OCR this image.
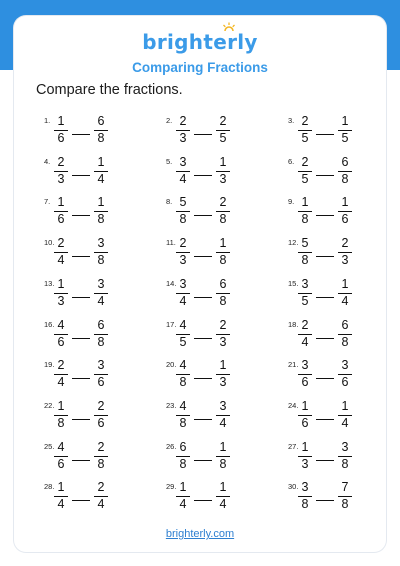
brighterly
Comparing Fractions
Compare the fractions.
1. 1
6
6
8
2. 2
3
2
5
3. 2
5
1
5
4. 2
3
1
4
5. 3
4
1
3
6. 2
5
6
8
7. 1
6
1
8
8. 5
8
2
8
9. 1
8
1
6
10. 2
4
3
8
11. 2
3
1
8
12. 5
8
2
3
13. 1
3
3
4
14. 3
4
6
8
15. 3
5
1
4
16. 4
6
6
8
17. 4
5
2
3
18. 2
4
6
8
19. 2
4
3
6
20. 4
8
1
3
21. 3
6
3
6
22. 1
8
2
6
23. 4
8
3
4
24. 1
6
1
4
25. 4
6
2
8
26. 6
8
1
8
27. 1
3
3
8
28. 1
4
2
4
29. 1
4
1
4
30. 3
8
7
8
brighterly.com
